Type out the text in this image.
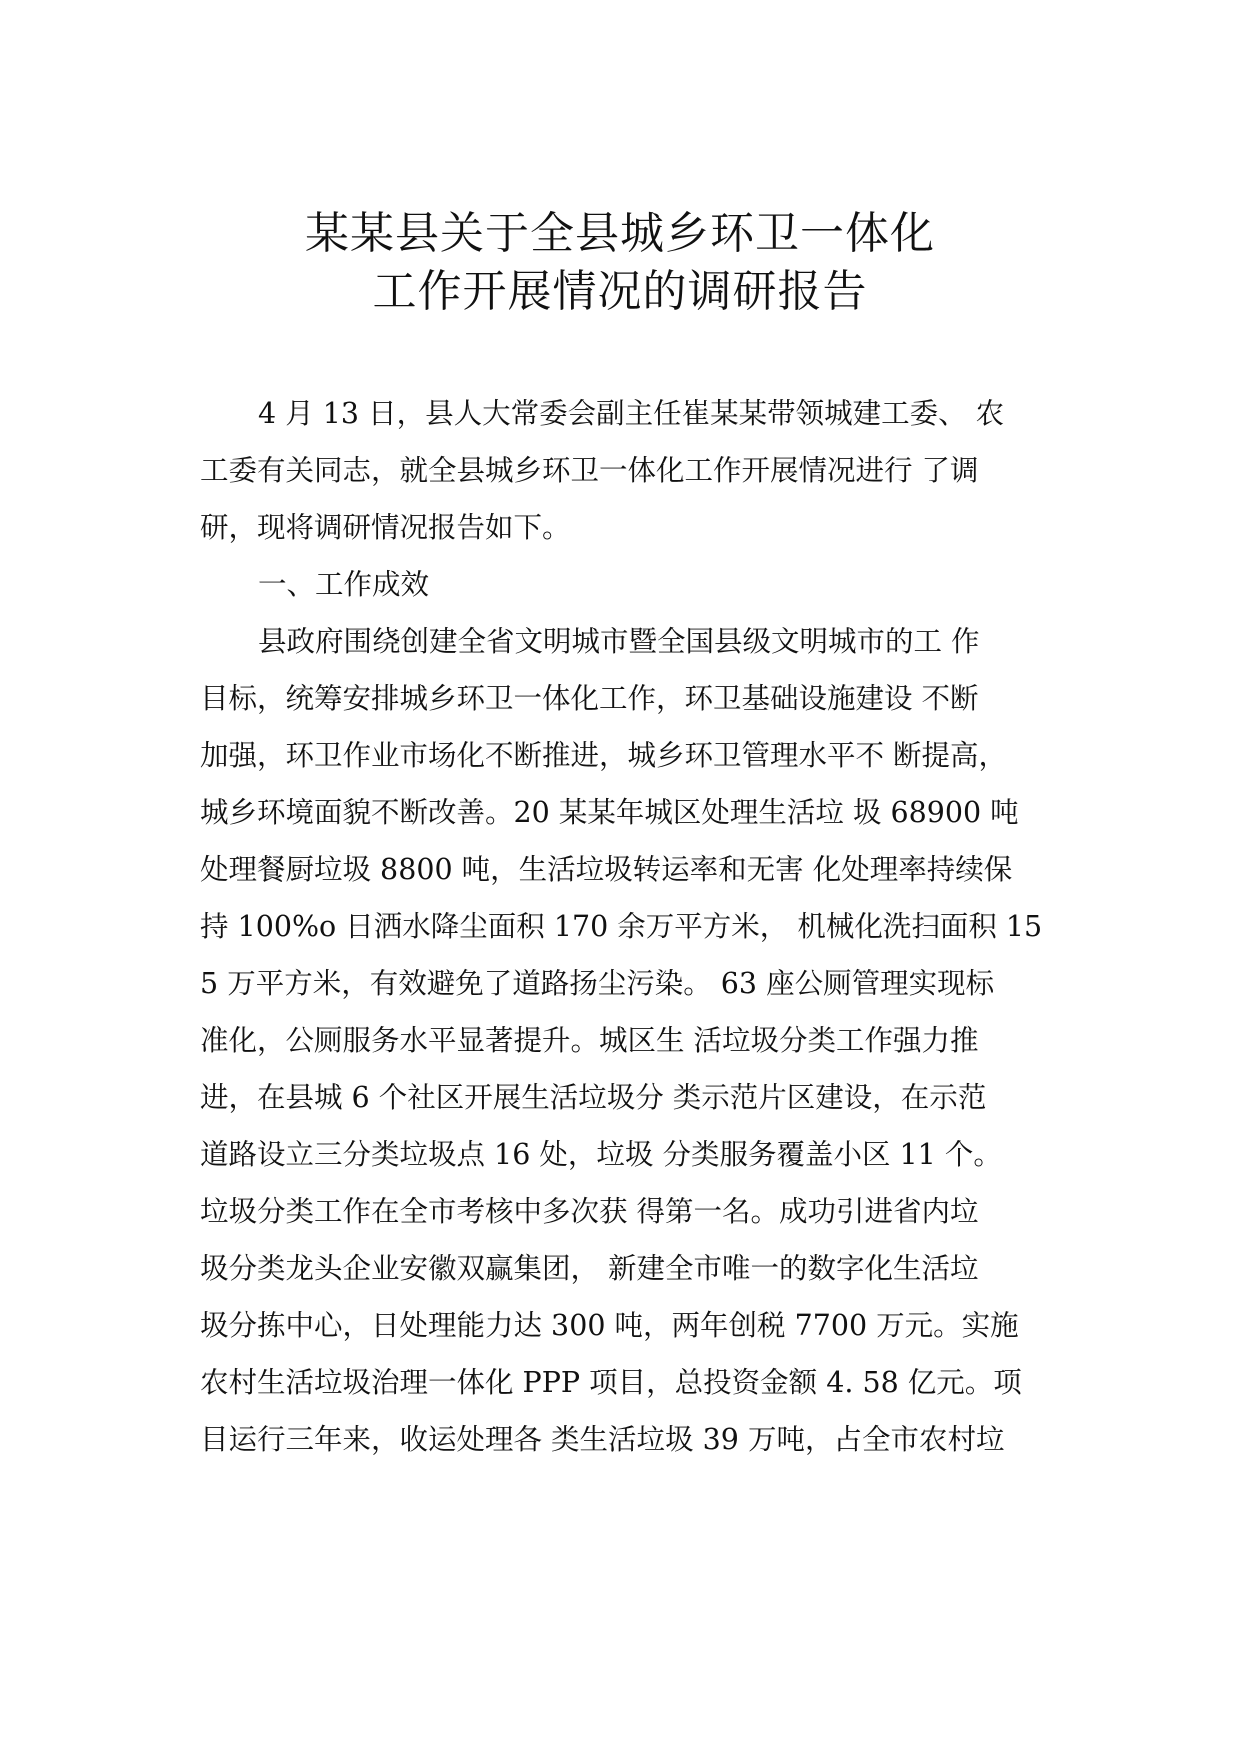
某某县关于全县城乡环卫一体化
工作开展情况的调研报告
4 月 13 日，县人大常委会副主任崔某某带领城建工委、 农
工委有关同志，就全县城乡环卫一体化工作开展情况进行 了调
研，现将调研情况报告如下。
一、工作成效
县政府围绕创建全省文明城市暨全国县级文明城市的工 作
目标，统筹安排城乡环卫一体化工作，环卫基础设施建设 不断
加强，环卫作业市场化不断推进，城乡环卫管理水平不 断提高，
城乡环境面貌不断改善。20 某某年城区处理生活垃 圾 68900 吨
处理餐厨垃圾 8800 吨，生活垃圾转运率和无害 化处理率持续保
持 100%o 日洒水降尘面积 170 余万平方米， 机械化洗扫面积 15
5 万平方米，有效避免了道路扬尘污染。 63 座公厕管理实现标
准化，公厕服务水平显著提升。城区生 活垃圾分类工作强力推
进，在县城 6 个社区开展生活垃圾分 类示范片区建设，在示范
道路设立三分类垃圾点 16 处，垃圾 分类服务覆盖小区 11 个。
垃圾分类工作在全市考核中多次获 得第一名。成功引进省内垃
圾分类龙头企业安徽双赢集团， 新建全市唯一的数字化生活垃
圾分拣中心，日处理能力达 300 吨，两年创税 7700 万元。实施
农村生活垃圾治理一体化 PPP 项目，总投资金额 4. 58 亿元。项
目运行三年来，收运处理各 类生活垃圾 39 万吨，占全市农村垃
